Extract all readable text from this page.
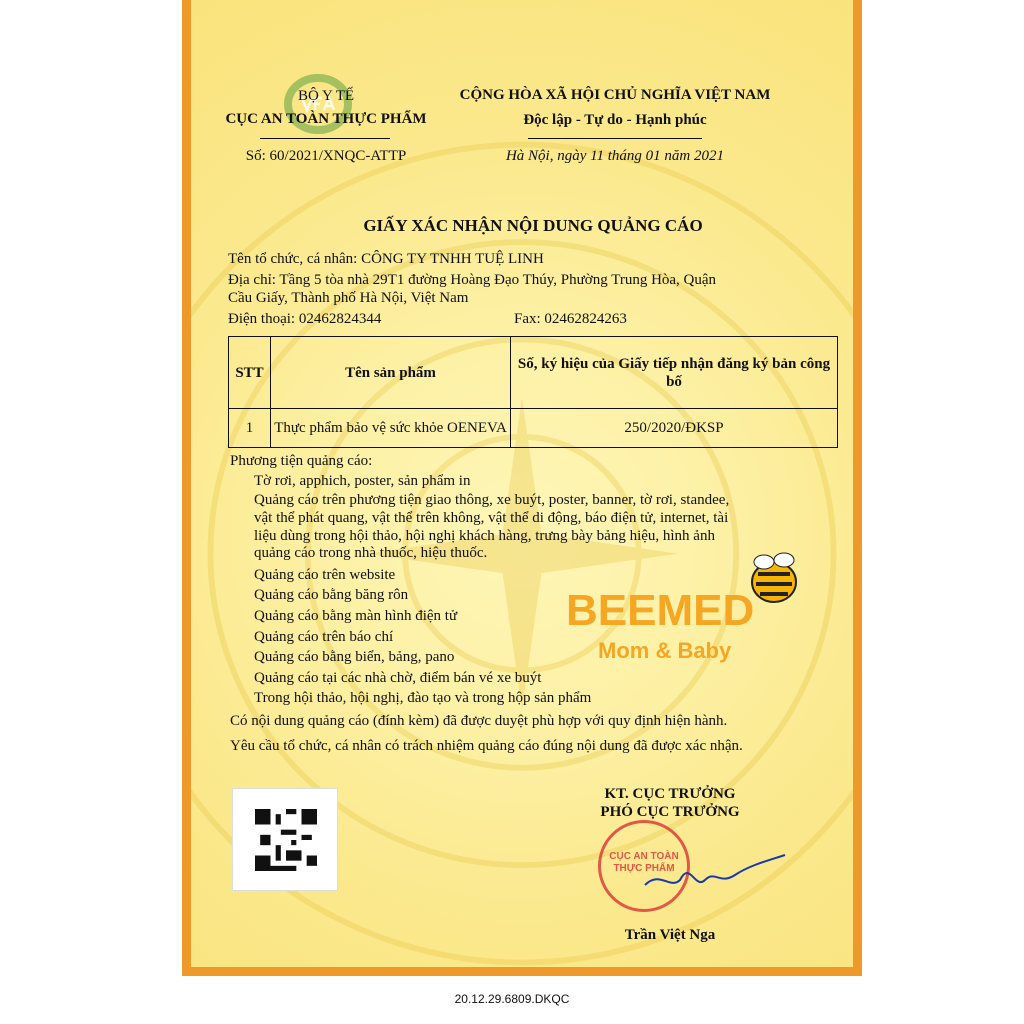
BỘ Y TẾ
CỤC AN TOÀN THỰC PHẨM
Số: 60/2021/XNQC-ATTP
CỘNG HÒA XÃ HỘI CHỦ NGHĨA VIỆT NAM
Độc lập - Tự do - Hạnh phúc
Hà Nội, ngày 11 tháng 01 năm 2021
GIẤY XÁC NHẬN NỘI DUNG QUẢNG CÁO
Tên tổ chức, cá nhân: CÔNG TY TNHH TUỆ LINH
Địa chỉ: Tầng 5 tòa nhà 29T1 đường Hoàng Đạo Thúy, Phường Trung Hòa, Quận
Cầu Giấy, Thành phố Hà Nội, Việt Nam
Điện thoại: 02462824344	Fax: 02462824263
STT	Tên sản phẩm	Số, ký hiệu của Giấy tiếp nhận đăng ký bản công bố
1	Thực phẩm bảo vệ sức khỏe OENEVA	250/2020/ĐKSP
Phương tiện quảng cáo:
Tờ rơi, apphich, poster, sản phẩm in
Quảng cáo trên phương tiện giao thông, xe buýt, poster, banner, tờ rơi, standee,
vật thể phát quang, vật thể trên không, vật thể di động, báo điện tử, internet, tài
liệu dùng trong hội thảo, hội nghị khách hàng, trưng bày bảng hiệu, hình ảnh
quảng cáo trong nhà thuốc, hiệu thuốc.
Quảng cáo trên website
Quảng cáo bằng băng rôn
Quảng cáo bằng màn hình điện tử
Quảng cáo trên báo chí
Quảng cáo bằng biển, bảng, pano
Quảng cáo tại các nhà chờ, điểm bán vé xe buýt
Trong hội thảo, hội nghị, đào tạo và trong hộp sản phẩm
Có nội dung quảng cáo (đính kèm) đã được duyệt phù hợp với quy định hiện hành.
Yêu cầu tổ chức, cá nhân có trách nhiệm quảng cáo đúng nội dung đã được xác nhận.
BEEMED
Mom & Baby
KT. CỤC TRƯỞNG
PHÓ CỤC TRƯỞNG
CỤC AN TOÀN THỰC PHẨM
Trần Việt Nga
20.12.29.6809.DKQC
